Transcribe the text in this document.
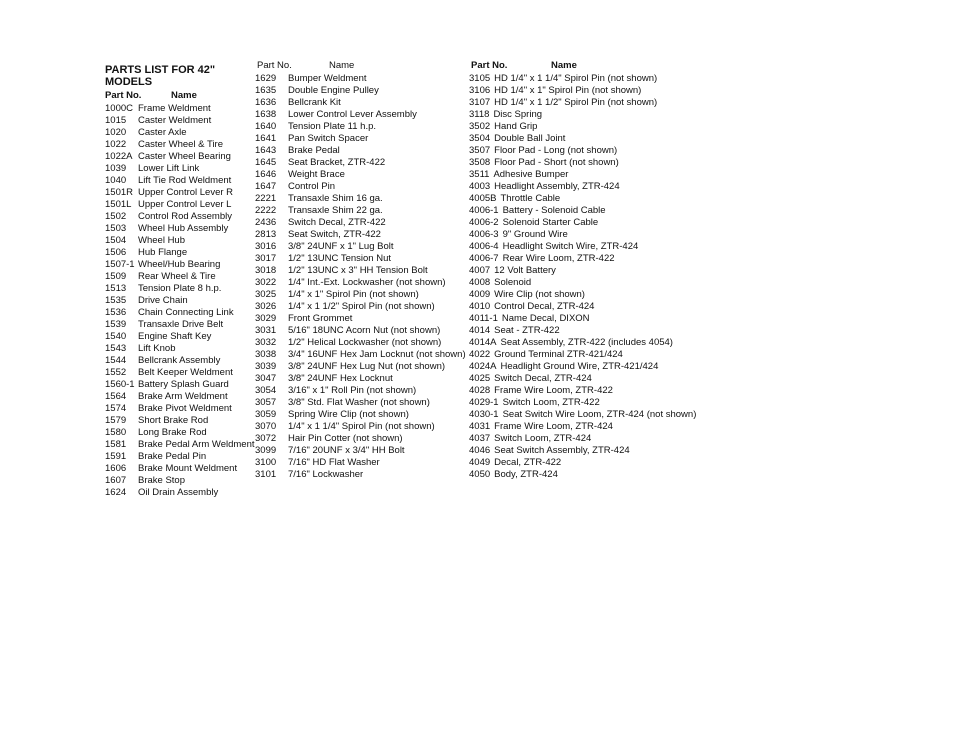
PARTS LIST FOR 42" MODELS
Part No.	Name
1000C Frame Weldment
1015	Caster Weldment
1020	Caster Axle
1022	Caster Wheel & Tire
1022A Caster Wheel Bearing
1039	Lower Lift Link
1040	Lift Tie Rod Weldment
1501R Upper Control Lever R
1501L Upper Control Lever L
1502	Control Rod Assembly
1503	Wheel Hub Assembly
1504	Wheel Hub
1506	Hub Flange
1507-1 Wheel/Hub Bearing
1509	Rear Wheel & Tire
1513	Tension Plate 8 h.p.
1535	Drive Chain
1536	Chain Connecting Link
1539	Transaxle Drive Belt
1540	Engine Shaft Key
1543	Lift Knob
1544	Bellcrank Assembly
1552	Belt Keeper Weldment
1560-1 Battery Splash Guard
1564	Brake Arm Weldment
1574	Brake Pivot Weldment
1579	Short Brake Rod
1580	Long Brake Rod
1581	Brake Pedal Arm Weldment
1591	Brake Pedal Pin
1606	Brake Mount Weldment
1607	Brake Stop
1624	Oil Drain Assembly
Part No.	Name
1629	Bumper Weldment
1635	Double Engine Pulley
1636	Bellcrank Kit
1638	Lower Control Lever Assembly
1640	Tension Plate 11 h.p.
1641	Pan Switch Spacer
1643	Brake Pedal
1645	Seat Bracket, ZTR-422
1646	Weight Brace
1647	Control Pin
2221	Transaxle Shim 16 ga.
2222	Transaxle Shim 22 ga.
2436	Switch Decal, ZTR-422
2813	Seat Switch, ZTR-422
3016	3/8" 24UNF x 1" Lug Bolt
3017	1/2" 13UNC Tension Nut
3018	1/2" 13UNC x 3" HH Tension Bolt
3022	1/4" Int.-Ext. Lockwasher (not shown)
3025	1/4" x 1" Spirol Pin (not shown)
3026	1/4" x 1 1/2" Spirol Pin (not shown)
3029	Front Grommet
3031	5/16" 18UNC Acorn Nut (not shown)
3032	1/2" Helical Lockwasher (not shown)
3038	3/4" 16UNF Hex Jam Locknut (not shown)
3039	3/8" 24UNF Hex Lug Nut (not shown)
3047	3/8" 24UNF Hex Locknut
3054	3/16" x 1" Roll Pin (not shown)
3057	3/8" Std. Flat Washer (not shown)
3059	Spring Wire Clip (not shown)
3070	1/4" x 1 1/4" Spirol Pin (not shown)
3072	Hair Pin Cotter (not shown)
3099	7/16" 20UNF x 3/4" HH Bolt
3100	7/16" HD Flat Washer
3101	7/16" Lockwasher
Part No.	Name
3105 HD 1/4" x 1 1/4" Spirol Pin (not shown)
3106 HD 1/4" x 1" Spirol Pin (not shown)
3107 HD 1/4" x 1 1/2" Spirol Pin (not shown)
3118 Disc Spring
3502 Hand Grip
3504 Double Ball Joint
3507 Floor Pad - Long (not shown)
3508 Floor Pad - Short (not shown)
3511 Adhesive Bumper
4003 Headlight Assembly, ZTR-424
4005B Throttle Cable
4006-1 Battery - Solenoid Cable
4006-2 Solenoid Starter Cable
4006-3 9" Ground Wire
4006-4 Headlight Switch Wire, ZTR-424
4006-7 Rear Wire Loom, ZTR-422
4007 12 Volt Battery
4008 Solenoid
4009 Wire Clip (not shown)
4010 Control Decal, ZTR-424
4011-1 Name Decal, DIXON
4014 Seat - ZTR-422
4014A Seat Assembly, ZTR-422 (includes 4054)
4022 Ground Terminal ZTR-421/424
4024A Headlight Ground Wire, ZTR-421/424
4025 Switch Decal, ZTR-424
4028 Frame Wire Loom, ZTR-422
4029-1 Switch Loom, ZTR-422
4030-1 Seat Switch Wire Loom, ZTR-424 (not shown)
4031 Frame Wire Loom, ZTR-424
4037 Switch Loom, ZTR-424
4046 Seat Switch Assembly, ZTR-424
4049 Decal, ZTR-422
4050 Body, ZTR-424
